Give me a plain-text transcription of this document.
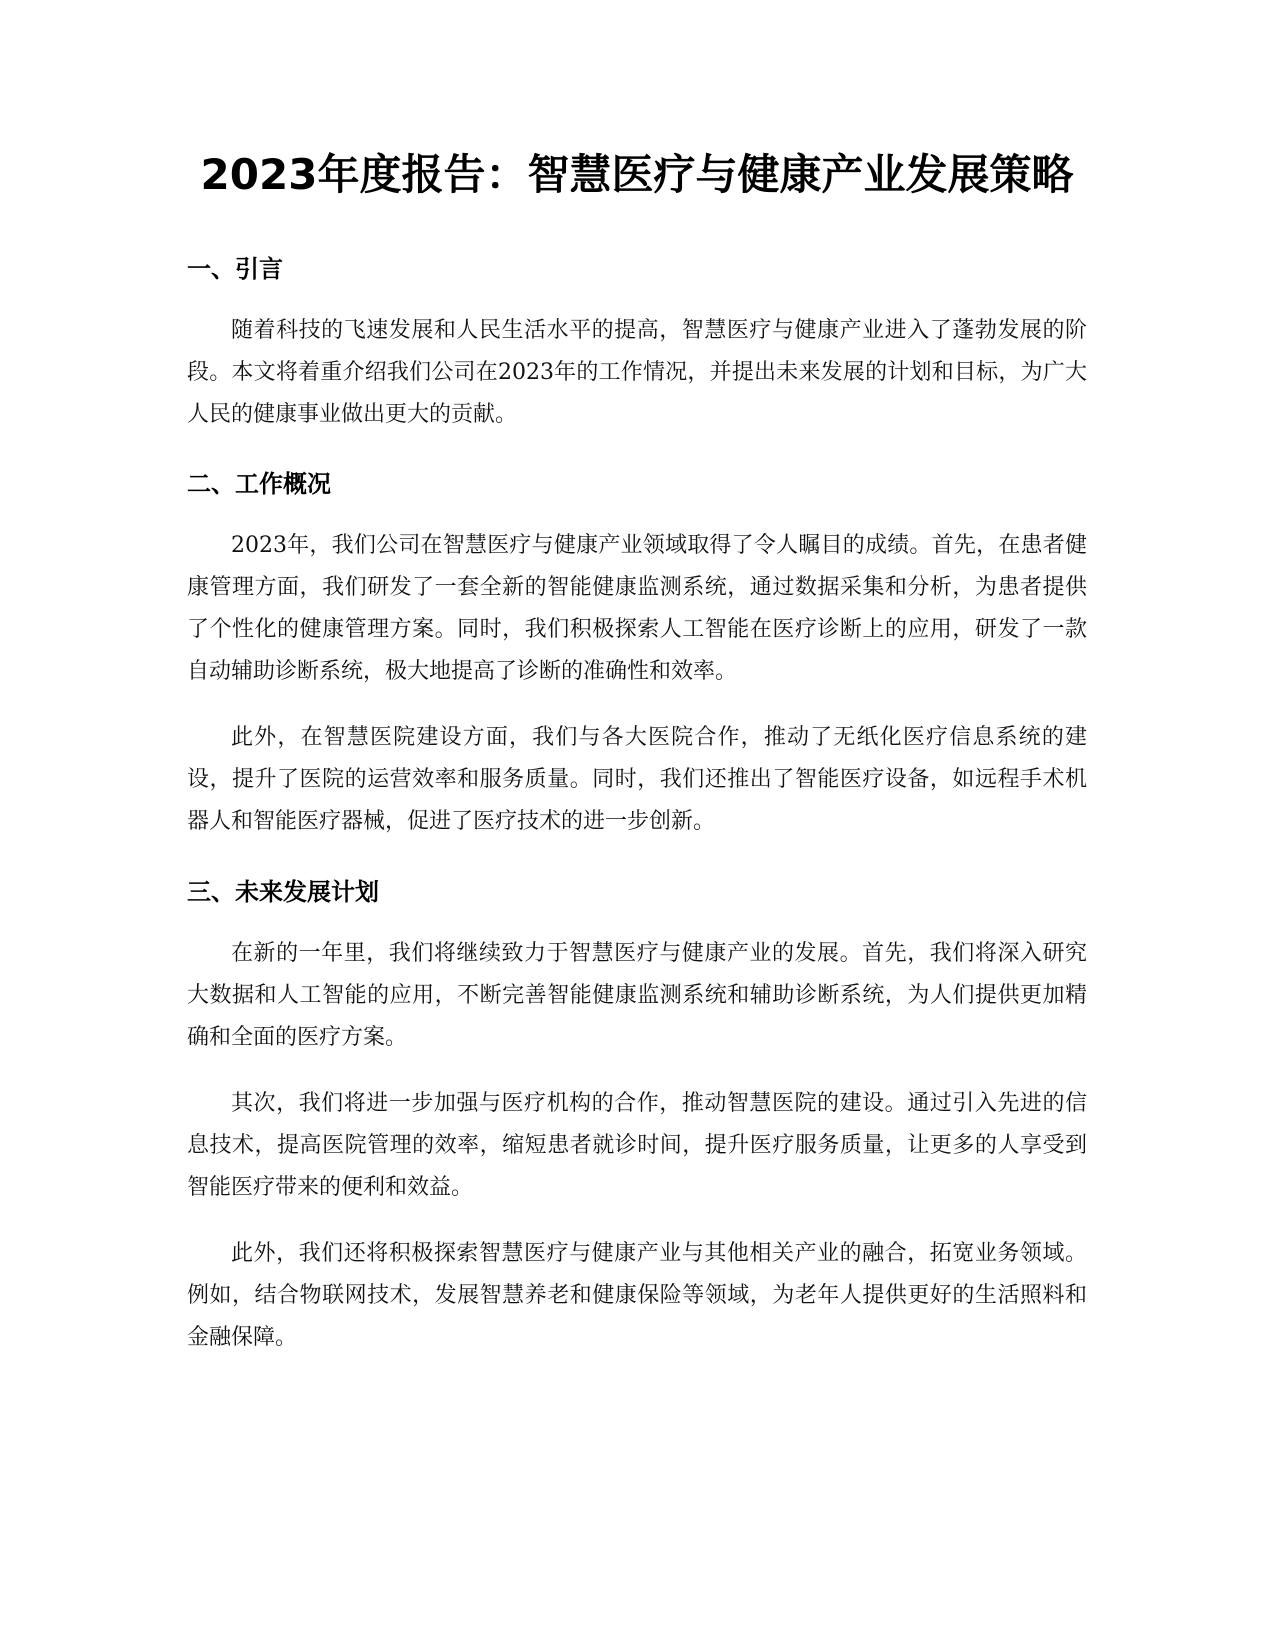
2023年度报告：智慧医疗与健康产业发展策略
一、引言

随着科技的飞速发展和人民生活水平的提高，智慧医疗与健康产业进入了蓬勃发展的阶段。本文将着重介绍我们公司在2023年的工作情况，并提出未来发展的计划和目标，为广大人民的健康事业做出更大的贡献。

二、工作概况

2023年，我们公司在智慧医疗与健康产业领域取得了令人瞩目的成绩。首先，在患者健康管理方面，我们研发了一套全新的智能健康监测系统，通过数据采集和分析，为患者提供了个性化的健康管理方案。同时，我们积极探索人工智能在医疗诊断上的应用，研发了一款自动辅助诊断系统，极大地提高了诊断的准确性和效率。

此外，在智慧医院建设方面，我们与各大医院合作，推动了无纸化医疗信息系统的建设，提升了医院的运营效率和服务质量。同时，我们还推出了智能医疗设备，如远程手术机器人和智能医疗器械，促进了医疗技术的进一步创新。

三、未来发展计划

在新的一年里，我们将继续致力于智慧医疗与健康产业的发展。首先，我们将深入研究大数据和人工智能的应用，不断完善智能健康监测系统和辅助诊断系统，为人们提供更加精确和全面的医疗方案。

其次，我们将进一步加强与医疗机构的合作，推动智慧医院的建设。通过引入先进的信息技术，提高医院管理的效率，缩短患者就诊时间，提升医疗服务质量，让更多的人享受到智能医疗带来的便利和效益。

此外，我们还将积极探索智慧医疗与健康产业与其他相关产业的融合，拓宽业务领域。例如，结合物联网技术，发展智慧养老和健康保险等领域，为老年人提供更好的生活照料和金融保障。
